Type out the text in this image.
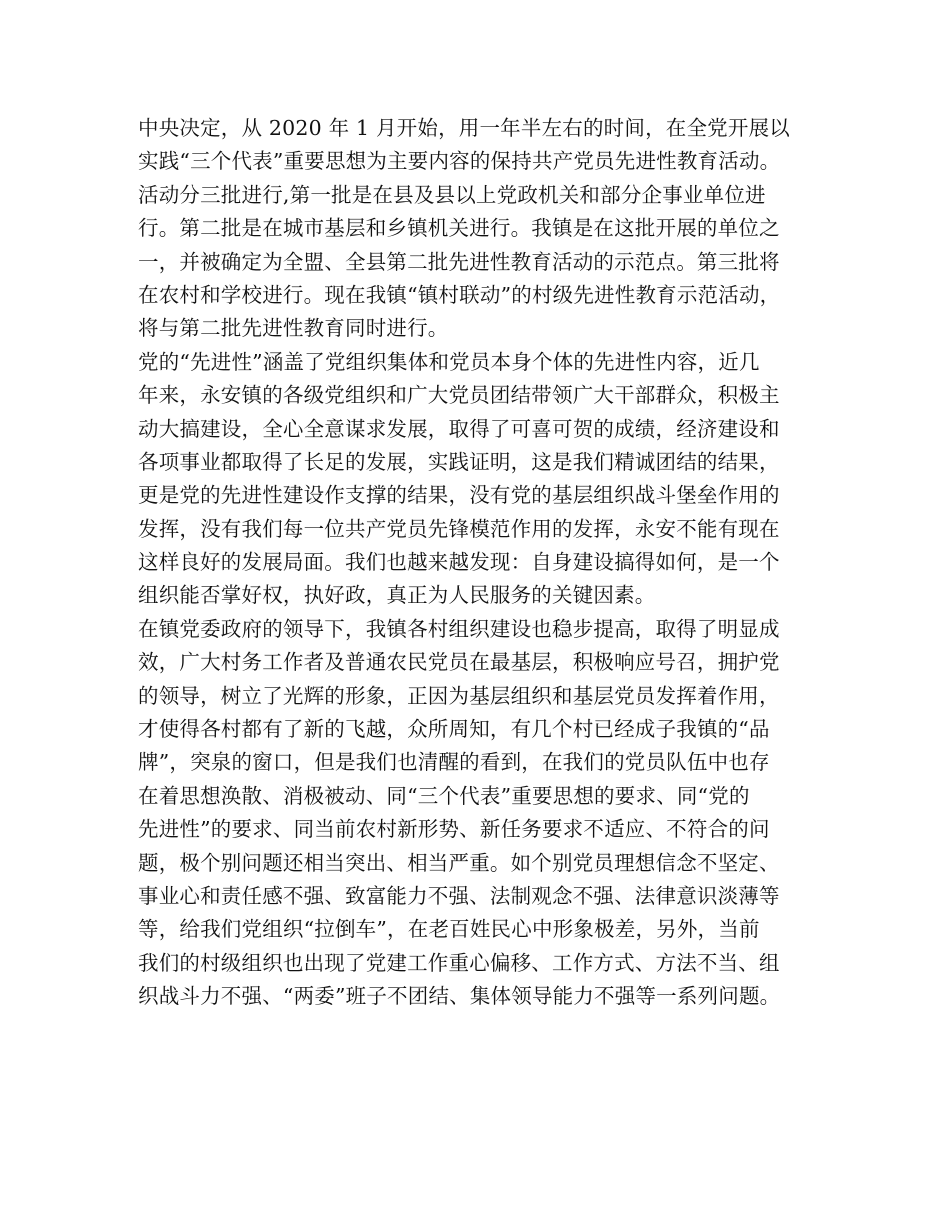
中央决定，从 2020 年 1 月开始，用一年半左右的时间，在全党开展以
实践“三个代表”重要思想为主要内容的保持共产党员先进性教育活动。
活动分三批进行,第一批是在县及县以上党政机关和部分企事业单位进
行。第二批是在城市基层和乡镇机关进行。我镇是在这批开展的单位之
一，并被确定为全盟、全县第二批先进性教育活动的示范点。第三批将
在农村和学校进行。现在我镇“镇村联动”的村级先进性教育示范活动，
将与第二批先进性教育同时进行。
党的“先进性”涵盖了党组织集体和党员本身个体的先进性内容，近几
年来，永安镇的各级党组织和广大党员团结带领广大干部群众，积极主
动大搞建设，全心全意谋求发展，取得了可喜可贺的成绩，经济建设和
各项事业都取得了长足的发展，实践证明，这是我们精诚团结的结果，
更是党的先进性建设作支撑的结果，没有党的基层组织战斗堡垒作用的
发挥，没有我们每一位共产党员先锋模范作用的发挥，永安不能有现在
这样良好的发展局面。我们也越来越发现：自身建设搞得如何，是一个
组织能否掌好权，执好政，真正为人民服务的关键因素。
在镇党委政府的领导下，我镇各村组织建设也稳步提高，取得了明显成
效，广大村务工作者及普通农民党员在最基层，积极响应号召，拥护党
的领导，树立了光辉的形象，正因为基层组织和基层党员发挥着作用，
才使得各村都有了新的飞越，众所周知，有几个村已经成子我镇的“品
牌”，突泉的窗口，但是我们也清醒的看到，在我们的党员队伍中也存
在着思想涣散、消极被动、同“三个代表”重要思想的要求、同“党的
先进性”的要求、同当前农村新形势、新任务要求不适应、不符合的问
题，极个别问题还相当突出、相当严重。如个别党员理想信念不坚定、
事业心和责任感不强、致富能力不强、法制观念不强、法律意识淡薄等
等，给我们党组织“拉倒车”，在老百姓民心中形象极差，另外，当前
我们的村级组织也出现了党建工作重心偏移、工作方式、方法不当、组
织战斗力不强、“两委”班子不团结、集体领导能力不强等一系列问题。
